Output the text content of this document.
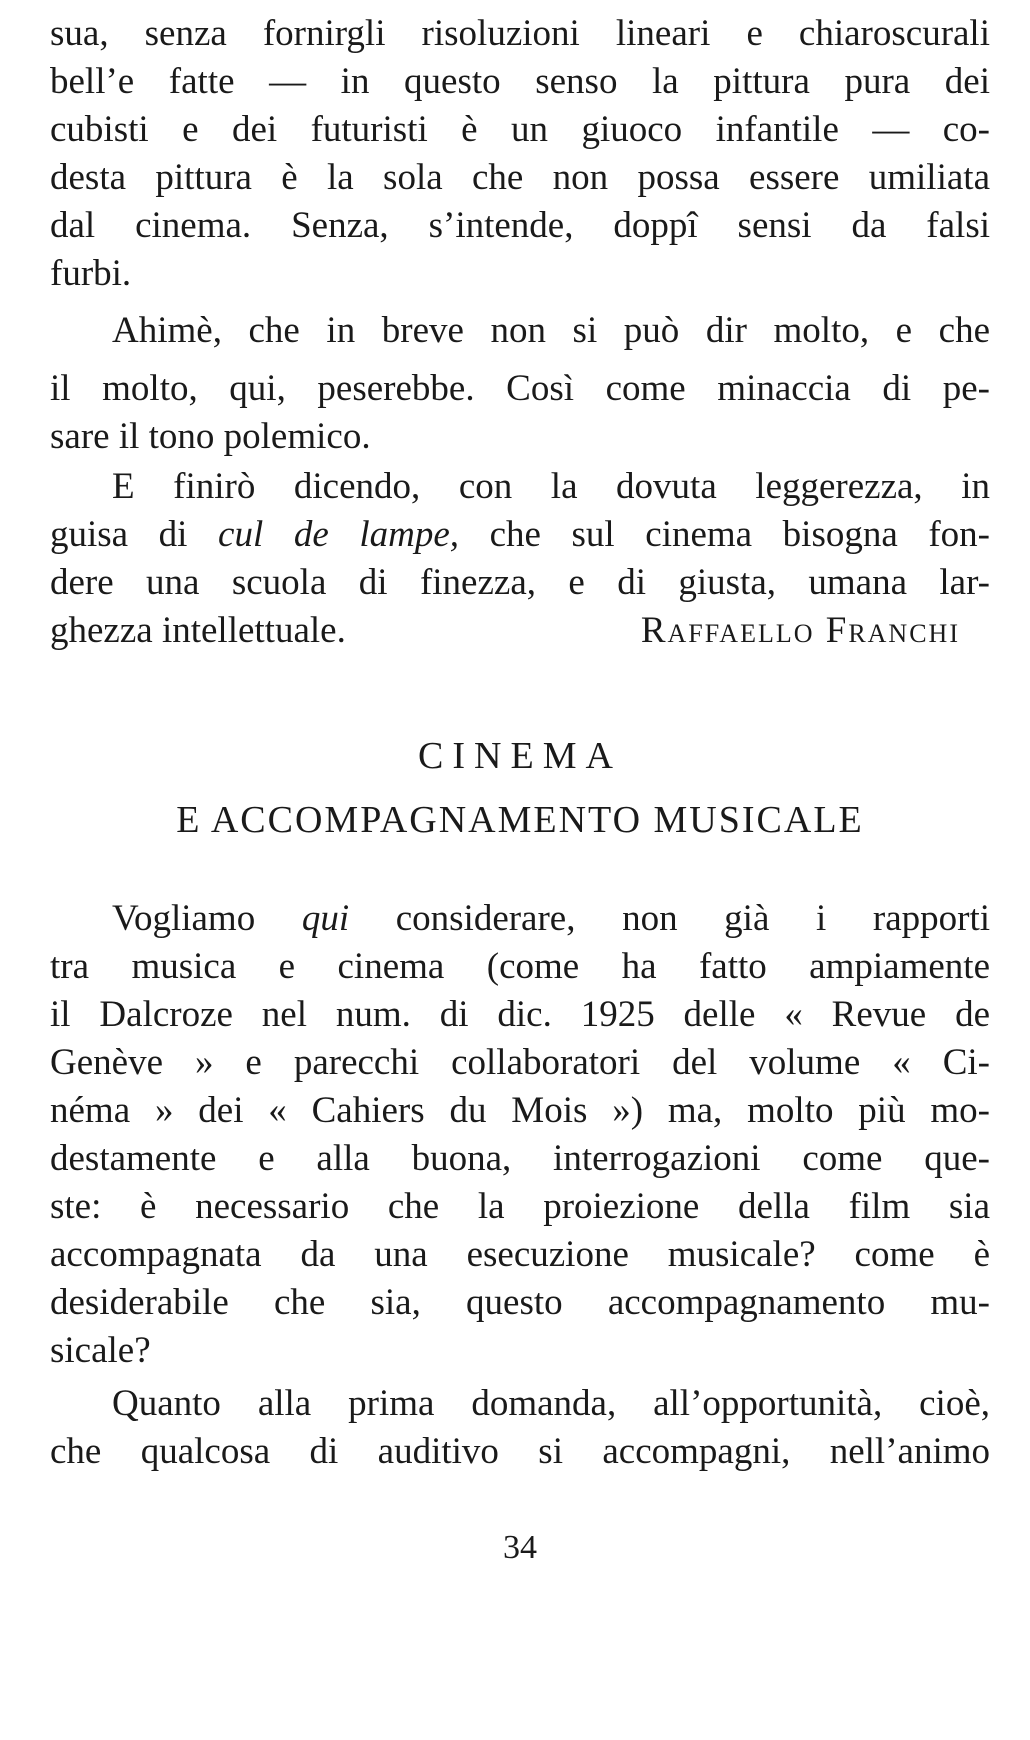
sua, senza fornirgli risoluzioni lineari e chiaroscurali
bell’e fatte — in questo senso la pittura pura dei
cubisti e dei futuristi è un giuoco infantile — co-
desta pittura è la sola che non possa essere umiliata
dal cinema. Senza, s’intende, doppî sensi da falsi
furbi.
Ahimè, che in breve non si può dir molto, e che
il molto, qui, peserebbe. Così come minaccia di pe-
sare il tono polemico.
E finirò dicendo, con la dovuta leggerezza, in
guisa di cul de lampe, che sul cinema bisogna fon-
dere una scuola di finezza, e di giusta, umana lar-
ghezza intellettuale.	Raffaello Franchi
CINEMA
E ACCOMPAGNAMENTO MUSICALE
Vogliamo qui considerare, non già i rapporti
tra musica e cinema (come ha fatto ampiamente
il Dalcroze nel num. di dic. 1925 delle « Revue de
Genève » e parecchi collaboratori del volume « Ci-
néma » dei « Cahiers du Mois ») ma, molto più mo-
destamente e alla buona, interrogazioni come que-
ste: è necessario che la proiezione della film sia
accompagnata da una esecuzione musicale? come è
desiderabile che sia, questo accompagnamento mu-
sicale?
Quanto alla prima domanda, all’opportunità, cioè,
che qualcosa di auditivo si accompagni, nell’animo
34
